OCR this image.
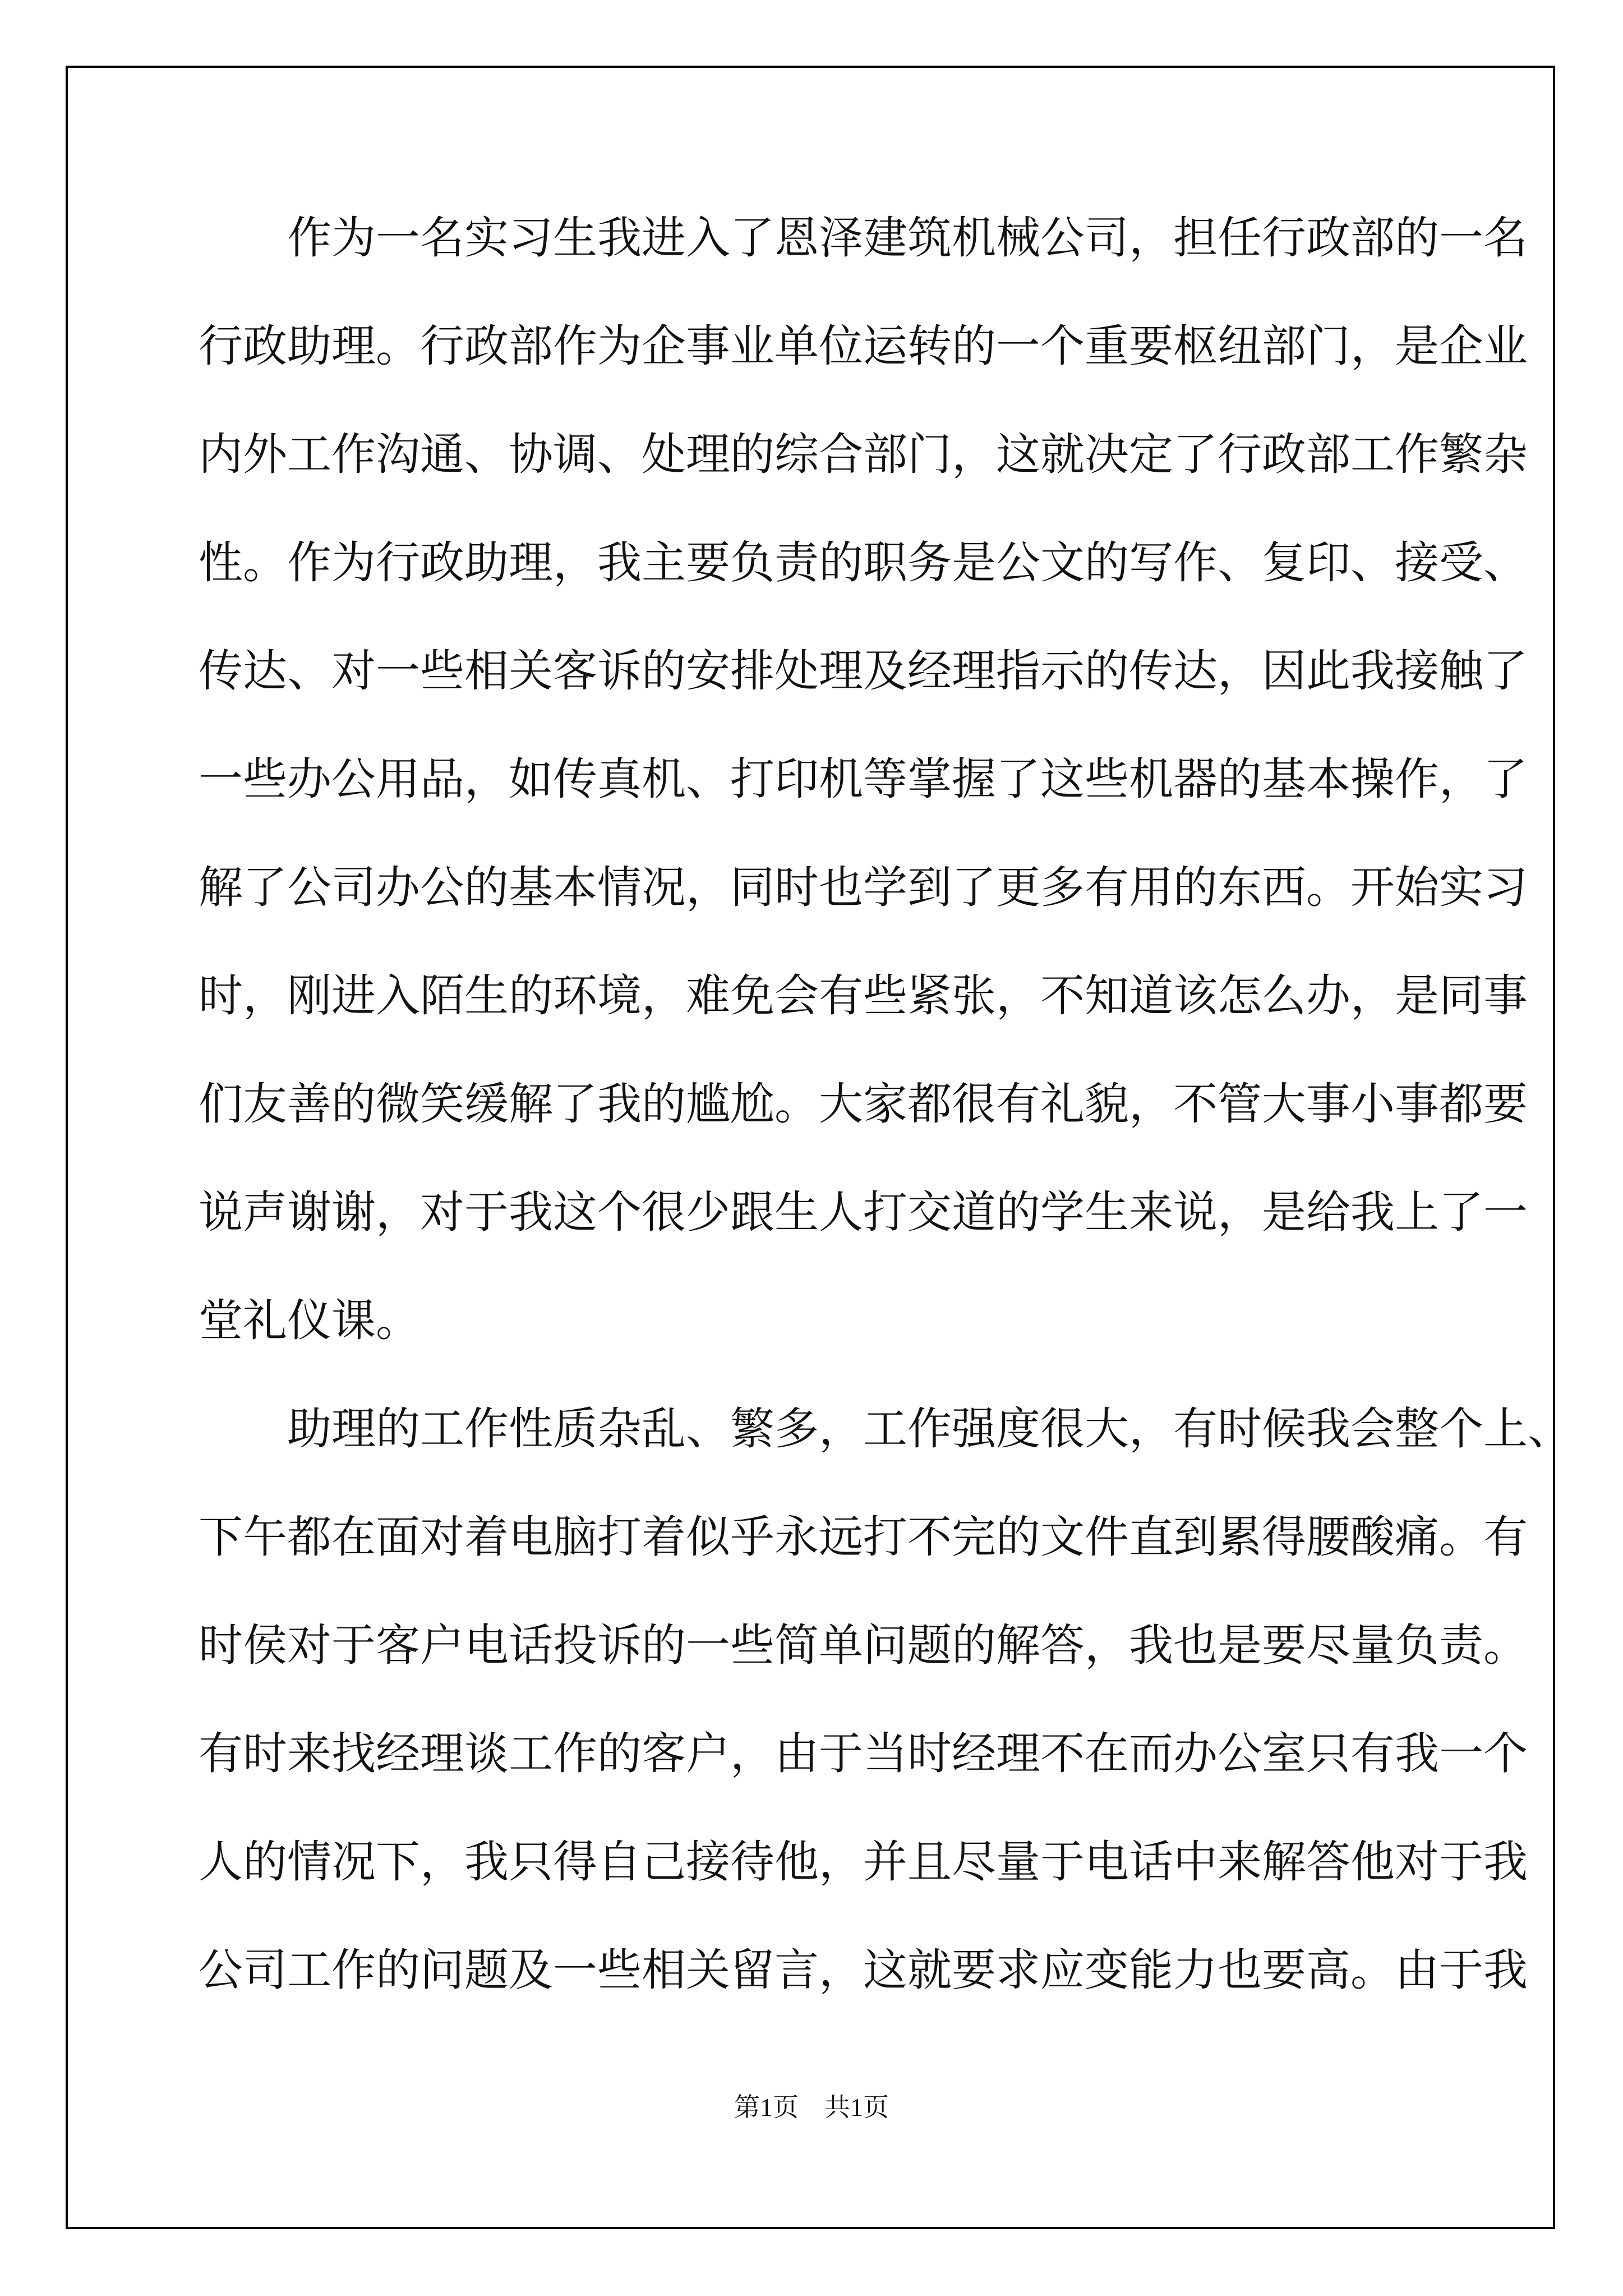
作为一名实习生我进入了恩泽建筑机械公司，担任行政部的一名
行政助理。行政部作为企事业单位运转的一个重要枢纽部门，是企业
内外工作沟通、协调、处理的综合部门，这就决定了行政部工作繁杂
性。作为行政助理，我主要负责的职务是公文的写作、复印、接受、
传达、对一些相关客诉的安排处理及经理指示的传达，因此我接触了
一些办公用品，如传真机、打印机等掌握了这些机器的基本操作，了
解了公司办公的基本情况，同时也学到了更多有用的东西。开始实习
时，刚进入陌生的环境，难免会有些紧张，不知道该怎么办，是同事
们友善的微笑缓解了我的尴尬。大家都很有礼貌，不管大事小事都要
说声谢谢，对于我这个很少跟生人打交道的学生来说，是给我上了一
堂礼仪课。
助理的工作性质杂乱、繁多，工作强度很大，有时候我会整个上、
下午都在面对着电脑打着似乎永远打不完的文件直到累得腰酸痛。有
时侯对于客户电话投诉的一些简单问题的解答，我也是要尽量负责。
有时来找经理谈工作的客户，由于当时经理不在而办公室只有我一个
人的情况下，我只得自己接待他，并且尽量于电话中来解答他对于我
公司工作的问题及一些相关留言，这就要求应变能力也要高。由于我
第1页　共1页
